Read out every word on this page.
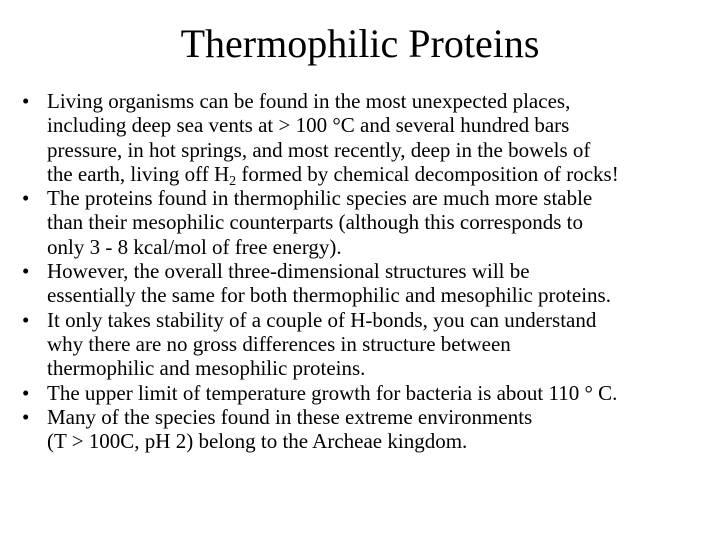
Thermophilic Proteins
• Living organisms can be found in the most unexpected places,
including deep sea vents at > 100 °C and several hundred bars
pressure, in hot springs, and most recently, deep in the bowels of
the earth, living off $H_2$ formed by chemical decomposition of rocks!
• The proteins found in thermophilic species are much more stable
than their mesophilic counterparts (although this corresponds to
only 3 - 8 kcal/mol of free energy).
• However, the overall three-dimensional structures will be
essentially the same for both thermophilic and mesophilic proteins.
• It only takes stability of a couple of H-bonds, you can understand
why there are no gross differences in structure between
thermophilic and mesophilic proteins.
• The upper limit of temperature growth for bacteria is about 110 ° C.
• Many of the species found in these extreme environments
(T > 100C, pH 2) belong to the Archeae kingdom.
